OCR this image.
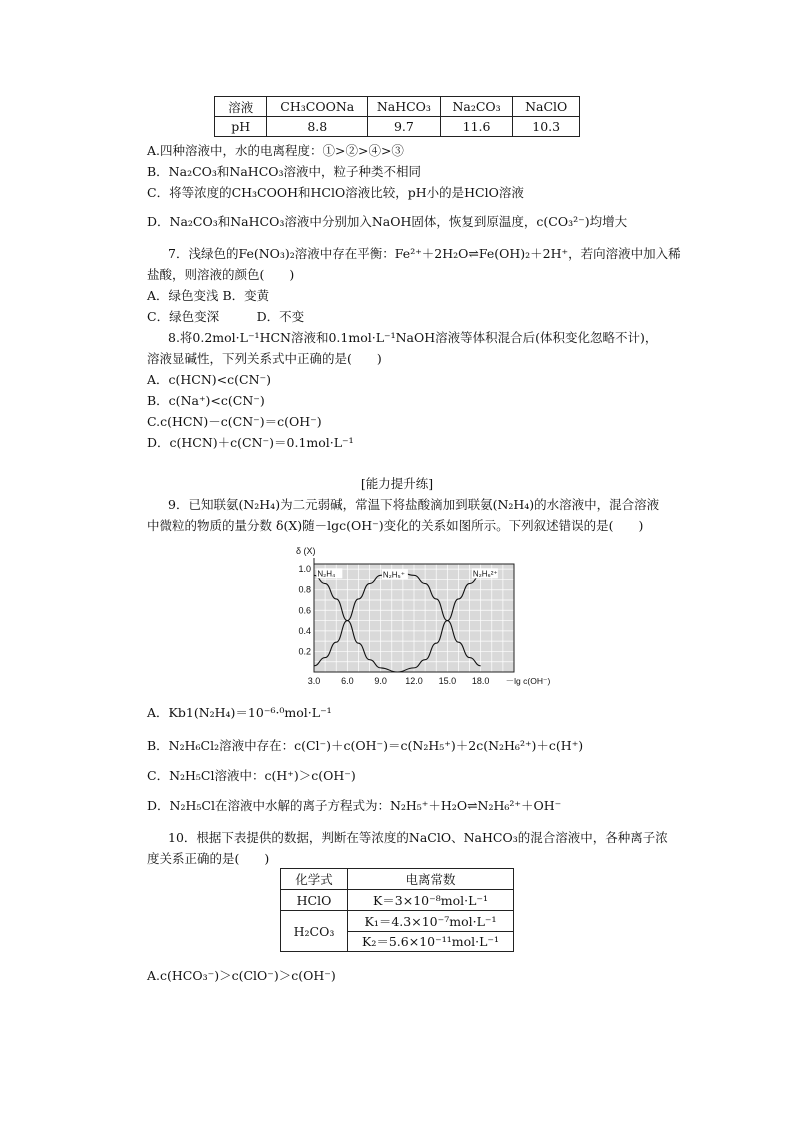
溶液	CH₃COONa	NaHCO₃	Na₂CO₃	NaClO
pH	8.8	9.7	11.6	10.3
A.四种溶液中，水的电离程度：①>②>④>③
B．Na₂CO₃和NaHCO₃溶液中，粒子种类不相同
C．将等浓度的CH₃COOH和HClO溶液比较，pH小的是HClO溶液
D．Na₂CO₃和NaHCO₃溶液中分别加入NaOH固体，恢复到原温度，c(CO₃²⁻)均增大
7．浅绿色的Fe(NO₃)₂溶液中存在平衡：Fe²⁺＋2H₂O⇌Fe(OH)₂＋2H⁺，若向溶液中加入稀
盐酸，则溶液的颜色(　　)
A．绿色变浅 B．变黄
C．绿色变深　　　D．不变
8.将0.2mol·L⁻¹HCN溶液和0.1mol·L⁻¹NaOH溶液等体积混合后(体积变化忽略不计)，
溶液显碱性，下列关系式中正确的是(　　)
A．c(HCN)<c(CN⁻)
B．c(Na⁺)<c(CN⁻)
C.c(HCN)－c(CN⁻)＝c(OH⁻)
D．c(HCN)＋c(CN⁻)＝0.1mol·L⁻¹
[能力提升练]
9．已知联氨(N₂H₄)为二元弱碱，常温下将盐酸滴加到联氨(N₂H₄)的水溶液中，混合溶液
中微粒的物质的量分数 δ(X)随－lgc(OH⁻)变化的关系如图所示。下列叙述错误的是(　　)
3.0 6.0 9.0 12.0 15.0 18.0
0.2
0.4
0.6
0.8
1.0
δ (X)
－lg c(OH⁻)
N₂H₄	N₂H₅⁺	N₂H₆²⁺
A．Kb1(N₂H₄)＝10⁻⁶·⁰mol·L⁻¹
B．N₂H₆Cl₂溶液中存在：c(Cl⁻)＋c(OH⁻)＝c(N₂H₅⁺)＋2c(N₂H₆²⁺)＋c(H⁺)
C．N₂H₅Cl溶液中：c(H⁺)＞c(OH⁻)
D．N₂H₅Cl在溶液中水解的离子方程式为：N₂H₅⁺＋H₂O⇌N₂H₆²⁺＋OH⁻
10．根据下表提供的数据，判断在等浓度的NaClO、NaHCO₃的混合溶液中，各种离子浓
度关系正确的是(　　)
化学式	电离常数
HClO	K＝3×10⁻⁸mol·L⁻¹
H₂CO₃	K₁＝4.3×10⁻⁷mol·L⁻¹
	K₂＝5.6×10⁻¹¹mol·L⁻¹
A.c(HCO₃⁻)＞c(ClO⁻)＞c(OH⁻)
